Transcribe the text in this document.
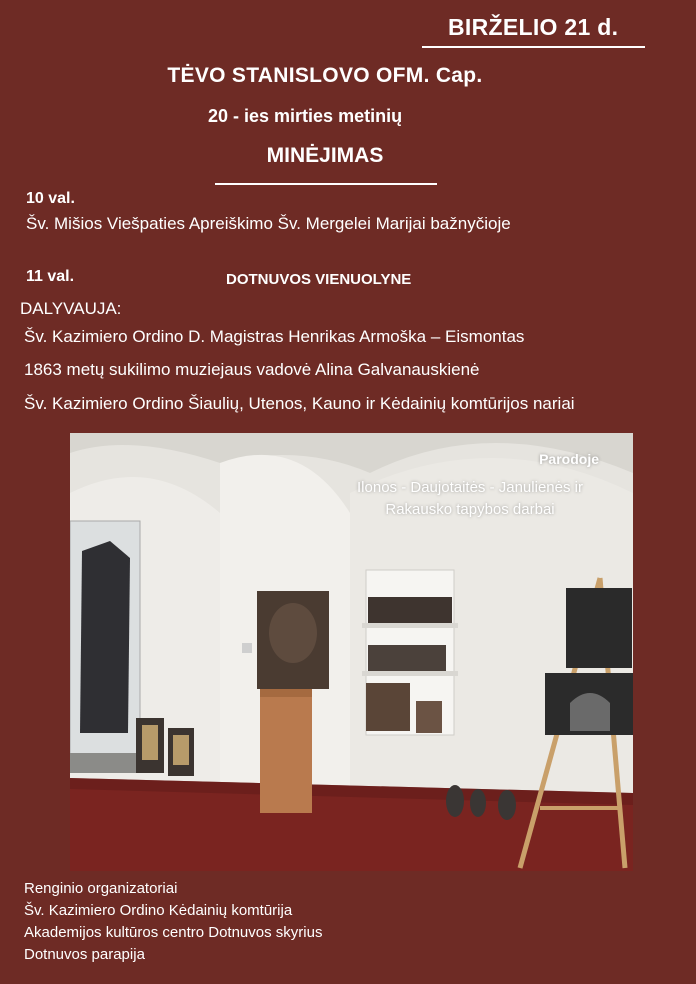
BIRŽELIO 21 d.
TĖVO STANISLOVO OFM. Cap.
20 - ies mirties metinių
MINĖJIMAS
10 val.
Šv. Mišios Viešpaties Apreiškimo Šv. Mergelei Marijai bažnyčioje
11 val.	DOTNUVOS VIENUOLYNE
DALYVAUJA:
Šv. Kazimiero Ordino D. Magistras Henrikas Armoška – Eismontas
1863 metų sukilimo muziejaus vadovė Alina Galvanauskienė
Šv. Kazimiero Ordino Šiaulių, Utenos, Kauno ir Kėdainių komtūrijos nariai
Parodoje
Ilonos - Daujotaitės - Janulienės ir
Rakausko tapybos darbai
Renginio organizatoriai
Šv. Kazimiero Ordino Kėdainių komtūrija
Akademijos kultūros centro Dotnuvos skyrius
Dotnuvos parapija
